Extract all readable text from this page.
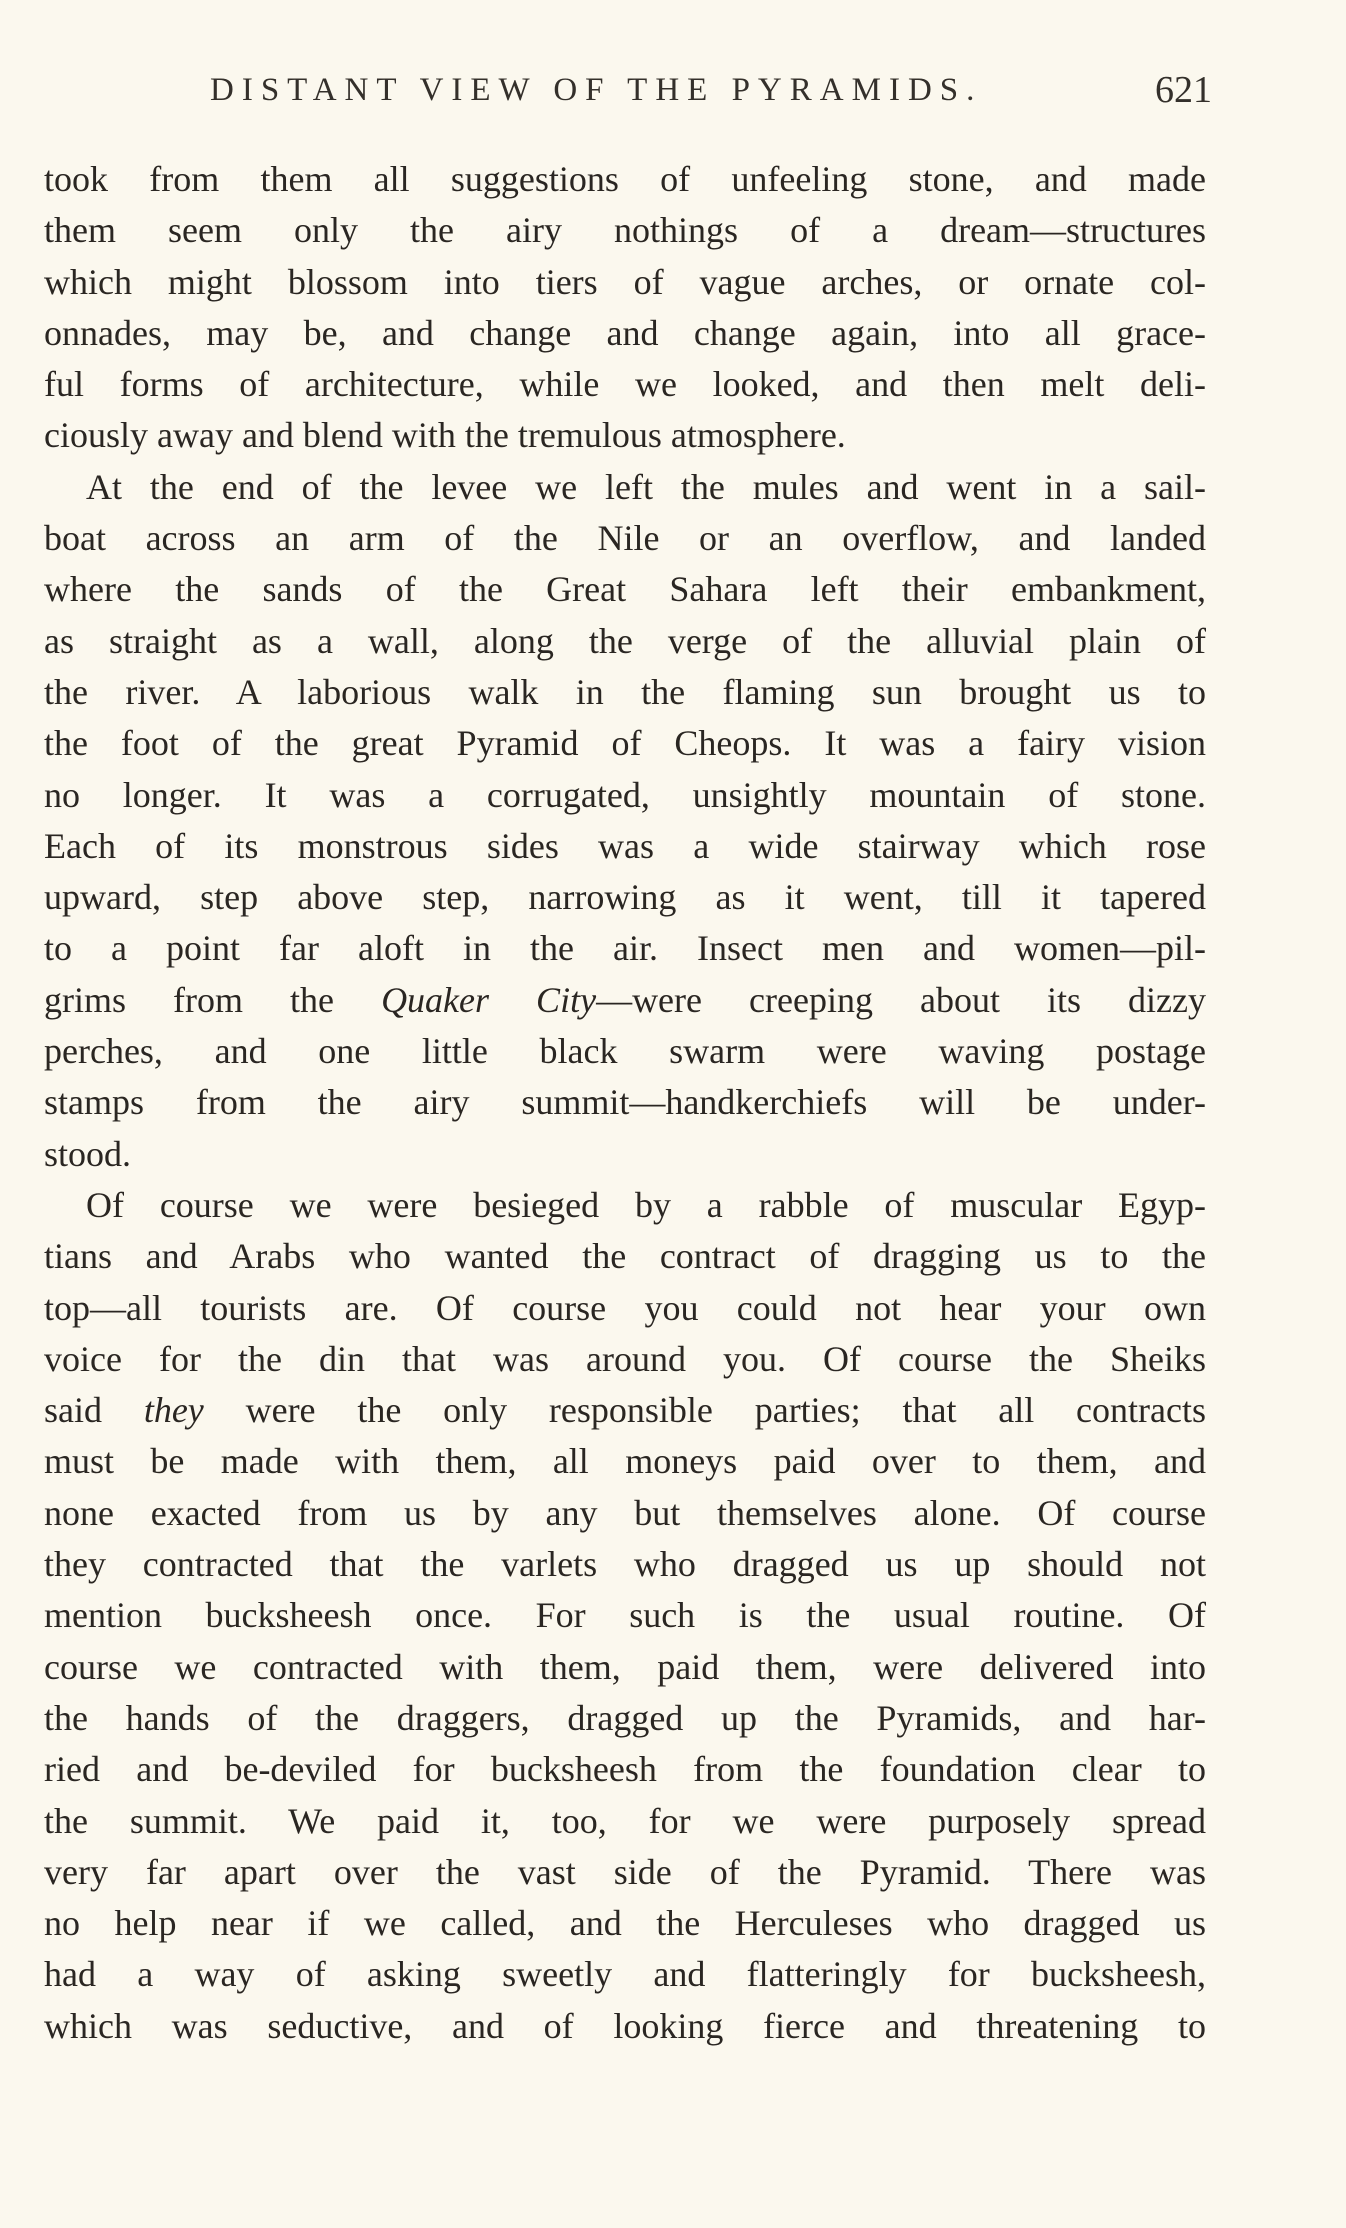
DISTANT VIEW OF THE PYRAMIDS.	621
took from them all suggestions of unfeeling stone, and made
them seem only the airy nothings of a dream—structures
which might blossom into tiers of vague arches, or ornate col-
onnades, may be, and change and change again, into all grace-
ful forms of architecture, while we looked, and then melt deli-
ciously away and blend with the tremulous atmosphere.
At the end of the levee we left the mules and went in a sail-
boat across an arm of the Nile or an overflow, and landed
where the sands of the Great Sahara left their embankment,
as straight as a wall, along the verge of the alluvial plain of
the river. A laborious walk in the flaming sun brought us to
the foot of the great Pyramid of Cheops. It was a fairy vision
no longer. It was a corrugated, unsightly mountain of stone.
Each of its monstrous sides was a wide stairway which rose
upward, step above step, narrowing as it went, till it tapered
to a point far aloft in the air. Insect men and women—pil-
grims from the Quaker City—were creeping about its dizzy
perches, and one little black swarm were waving postage
stamps from the airy summit—handkerchiefs will be under-
stood.
Of course we were besieged by a rabble of muscular Egyp-
tians and Arabs who wanted the contract of dragging us to the
top—all tourists are. Of course you could not hear your own
voice for the din that was around you. Of course the Sheiks
said they were the only responsible parties; that all contracts
must be made with them, all moneys paid over to them, and
none exacted from us by any but themselves alone. Of course
they contracted that the varlets who dragged us up should not
mention bucksheesh once. For such is the usual routine. Of
course we contracted with them, paid them, were delivered into
the hands of the draggers, dragged up the Pyramids, and har-
ried and be-deviled for bucksheesh from the foundation clear to
the summit. We paid it, too, for we were purposely spread
very far apart over the vast side of the Pyramid. There was
no help near if we called, and the Herculeses who dragged us
had a way of asking sweetly and flatteringly for bucksheesh,
which was seductive, and of looking fierce and threatening to
